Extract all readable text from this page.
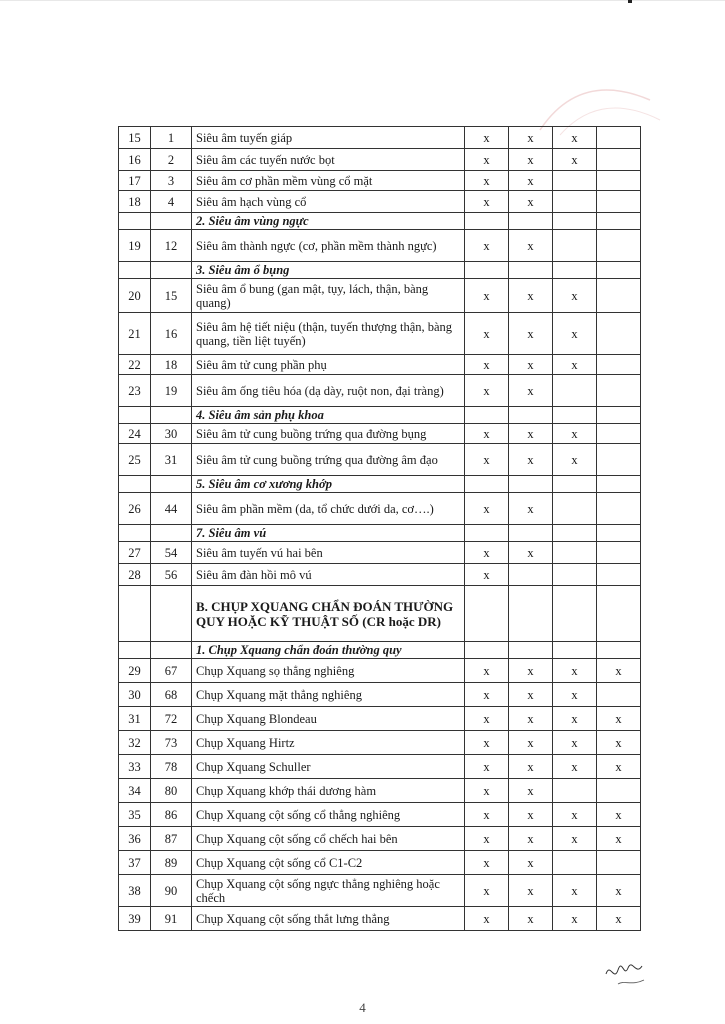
15	1	Siêu âm tuyến giáp	x	x	x	
16	2	Siêu âm các tuyến nước bọt	x	x	x	
17	3	Siêu âm cơ phần mềm vùng cổ mặt	x	x		
18	4	Siêu âm hạch vùng cổ	x	x		
		2. Siêu âm vùng ngực				
19	12	Siêu âm thành ngực (cơ, phần mềm thành ngực)	x	x		
		3. Siêu âm ổ bụng				
20	15	Siêu âm ổ bung (gan mật, tụy, lách, thận, bàng quang)	x	x	x	
21	16	Siêu âm hệ tiết niệu (thận, tuyến thượng thận, bàng quang, tiền liệt tuyến)	x	x	x	
22	18	Siêu âm tử cung phần phụ	x	x	x	
23	19	Siêu âm ống tiêu hóa (dạ dày, ruột non, đại tràng)	x	x		
		4. Siêu âm sản phụ khoa				
24	30	Siêu âm tử cung buồng trứng qua đường bụng	x	x	x	
25	31	Siêu âm tử cung buồng trứng qua đường âm đạo	x	x	x	
		5. Siêu âm cơ xương khớp				
26	44	Siêu âm phần mềm (da, tổ chức dưới da, cơ….)	x	x		
		7. Siêu âm vú				
27	54	Siêu âm tuyến vú hai bên	x	x		
28	56	Siêu âm đàn hồi mô vú	x			
		B. CHỤP XQUANG CHẨN ĐOÁN THƯỜNG QUY HOẶC KỸ THUẬT SỐ (CR hoặc DR)				
		1. Chụp Xquang chẩn đoán thường quy				
29	67	Chụp Xquang sọ thẳng nghiêng	x	x	x	x
30	68	Chụp Xquang mặt thẳng nghiêng	x	x	x	
31	72	Chụp Xquang Blondeau	x	x	x	x
32	73	Chụp Xquang Hirtz	x	x	x	x
33	78	Chụp Xquang Schuller	x	x	x	x
34	80	Chụp Xquang khớp thái dương hàm	x	x		
35	86	Chụp Xquang cột sống cổ thẳng nghiêng	x	x	x	x
36	87	Chụp Xquang cột sống cổ chếch hai bên	x	x	x	x
37	89	Chụp Xquang cột sống cổ C1-C2	x	x		
38	90	Chụp Xquang cột sống ngực thẳng nghiêng hoặc chếch	x	x	x	x
39	91	Chụp Xquang cột sống thắt lưng thẳng	x	x	x	x
4
